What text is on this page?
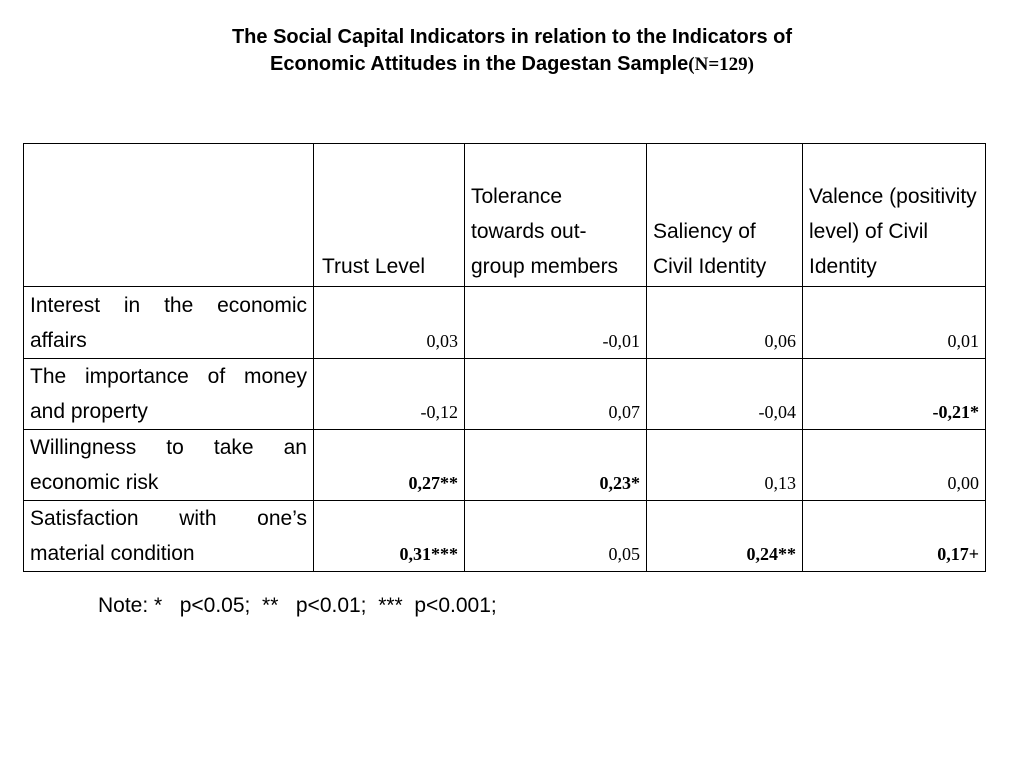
The Social Capital Indicators in relation to the Indicators of
Economic Attitudes in the Dagestan Sample(N=129)
	Trust Level	Tolerance towards out-group members	Saliency of Civil Identity	Valence (positivity level) of Civil Identity
Interest in the economic affairs	0,03	-0,01	0,06	0,01
The importance of money and property	-0,12	0,07	-0,04	-0,21*
Willingness to take an economic risk	0,27**	0,23*	0,13	0,00
Satisfaction with one’s material condition	0,31***	0,05	0,24**	0,17+
Note: *   p<0.05;  **   p<0.01;  ***  p<0.001;
